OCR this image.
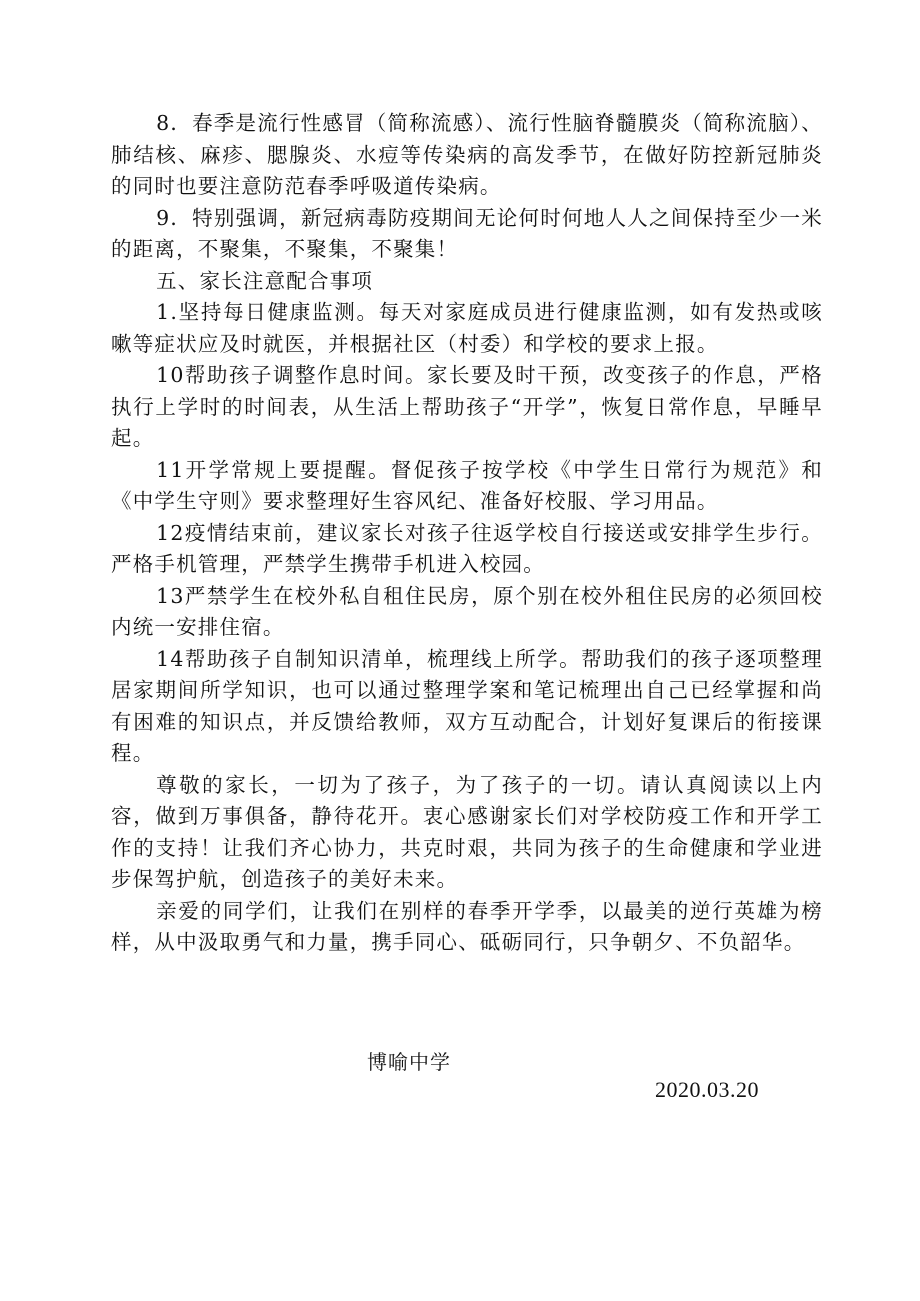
8．春季是流行性感冒（简称流感）、流行性脑脊髓膜炎（简称流脑）、肺结核、麻疹、腮腺炎、水痘等传染病的高发季节，在做好防控新冠肺炎的同时也要注意防范春季呼吸道传染病。

9．特别强调，新冠病毒防疫期间无论何时何地人人之间保持至少一米的距离，不聚集，不聚集，不聚集！

五、家长注意配合事项

1.坚持每日健康监测。每天对家庭成员进行健康监测，如有发热或咳嗽等症状应及时就医，并根据社区（村委）和学校的要求上报。

10帮助孩子调整作息时间。家长要及时干预，改变孩子的作息，严格执行上学时的时间表，从生活上帮助孩子“开学”，恢复日常作息，早睡早起。

11开学常规上要提醒。督促孩子按学校《中学生日常行为规范》和《中学生守则》要求整理好生容风纪、准备好校服、学习用品。

12疫情结束前，建议家长对孩子往返学校自行接送或安排学生步行。严格手机管理，严禁学生携带手机进入校园。

13严禁学生在校外私自租住民房，原个别在校外租住民房的必须回校内统一安排住宿。

14帮助孩子自制知识清单，梳理线上所学。帮助我们的孩子逐项整理居家期间所学知识，也可以通过整理学案和笔记梳理出自己已经掌握和尚有困难的知识点，并反馈给教师，双方互动配合，计划好复课后的衔接课程。

尊敬的家长，一切为了孩子，为了孩子的一切。请认真阅读以上内容，做到万事俱备，静待花开。衷心感谢家长们对学校防疫工作和开学工作的支持！让我们齐心协力，共克时艰，共同为孩子的生命健康和学业进步保驾护航，创造孩子的美好未来。

亲爱的同学们，让我们在别样的春季开学季，以最美的逆行英雄为榜样，从中汲取勇气和力量，携手同心、砥砺同行，只争朝夕、不负韶华。

博喻中学
2020.03.20
